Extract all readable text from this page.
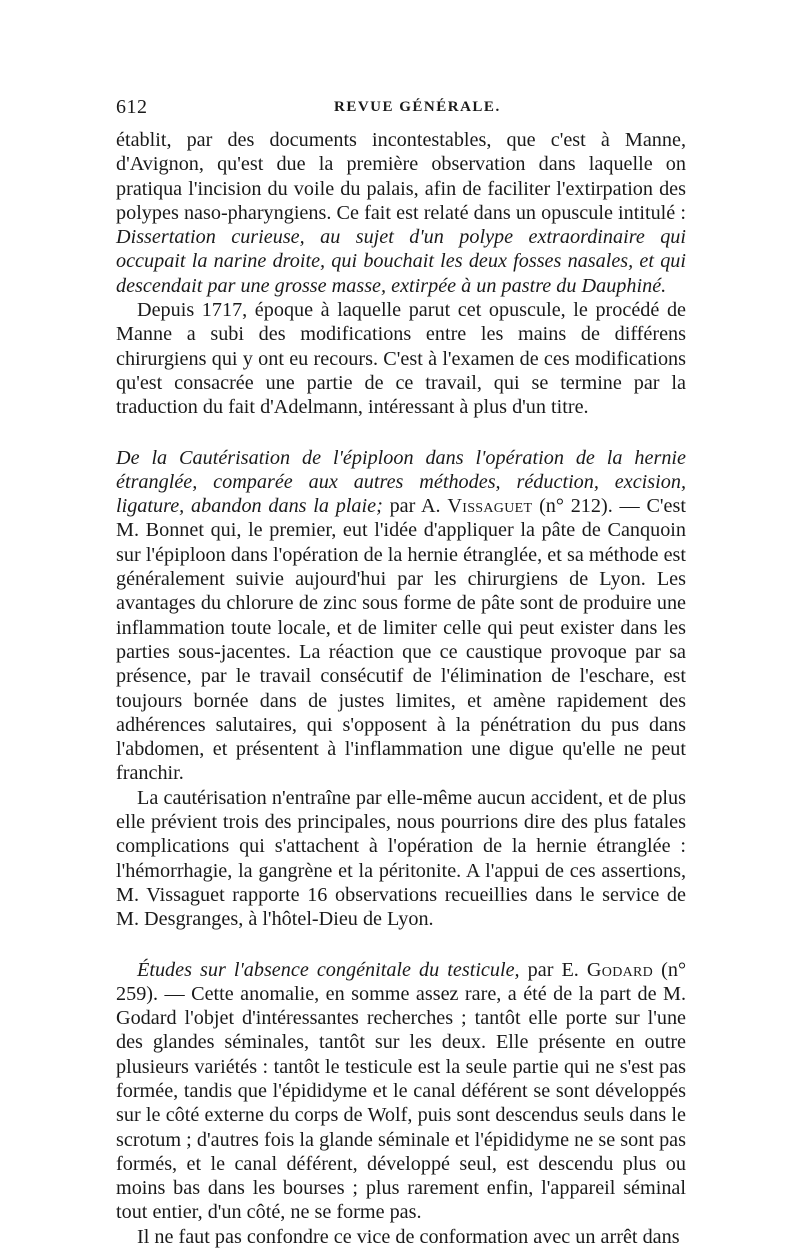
612	REVUE GÉNÉRALE.

établit, par des documents incontestables, que c'est à Manne, d'Avignon, qu'est due la première observation dans laquelle on pratiqua l'incision du voile du palais, afin de faciliter l'extirpation des polypes naso-pharyngiens. Ce fait est relaté dans un opuscule intitulé : Dissertation curieuse, au sujet d'un polype extraordinaire qui occupait la narine droite, qui bouchait les deux fosses nasales, et qui descendait par une grosse masse, extirpée à un pastre du Dauphiné.

Depuis 1717, époque à laquelle parut cet opuscule, le procédé de Manne a subi des modifications entre les mains de différens chirurgiens qui y ont eu recours. C'est à l'examen de ces modifications qu'est consacrée une partie de ce travail, qui se termine par la traduction du fait d'Adelmann, intéressant à plus d'un titre.

De la Cautérisation de l'épiploon dans l'opération de la hernie étranglée, comparée aux autres méthodes, réduction, excision, ligature, abandon dans la plaie; par A. Vissaguet (n° 212). — C'est M. Bonnet qui, le premier, eut l'idée d'appliquer la pâte de Canquoin sur l'épiploon dans l'opération de la hernie étranglée, et sa méthode est généralement suivie aujourd'hui par les chirurgiens de Lyon. Les avantages du chlorure de zinc sous forme de pâte sont de produire une inflammation toute locale, et de limiter celle qui peut exister dans les parties sous-jacentes. La réaction que ce caustique provoque par sa présence, par le travail consécutif de l'élimination de l'eschare, est toujours bornée dans de justes limites, et amène rapidement des adhérences salutaires, qui s'opposent à la pénétration du pus dans l'abdomen, et présentent à l'inflammation une digue qu'elle ne peut franchir.

La cautérisation n'entraîne par elle-même aucun accident, et de plus elle prévient trois des principales, nous pourrions dire des plus fatales complications qui s'attachent à l'opération de la hernie étranglée : l'hémorrhagie, la gangrène et la péritonite. A l'appui de ces assertions, M. Vissaguet rapporte 16 observations recueillies dans le service de M. Desgranges, à l'hôtel-Dieu de Lyon.

Études sur l'absence congénitale du testicule, par E. Godard (n° 259). — Cette anomalie, en somme assez rare, a été de la part de M. Godard l'objet d'intéressantes recherches ; tantôt elle porte sur l'une des glandes séminales, tantôt sur les deux. Elle présente en outre plusieurs variétés : tantôt le testicule est la seule partie qui ne s'est pas formée, tandis que l'épididyme et le canal déférent se sont développés sur le côté externe du corps de Wolf, puis sont descendus seuls dans le scrotum ; d'autres fois la glande séminale et l'épididyme ne se sont pas formés, et le canal déférent, développé seul, est descendu plus ou moins bas dans les bourses ; plus rarement enfin, l'appareil séminal tout entier, d'un côté, ne se forme pas.

Il ne faut pas confondre ce vice de conformation avec un arrêt dans
